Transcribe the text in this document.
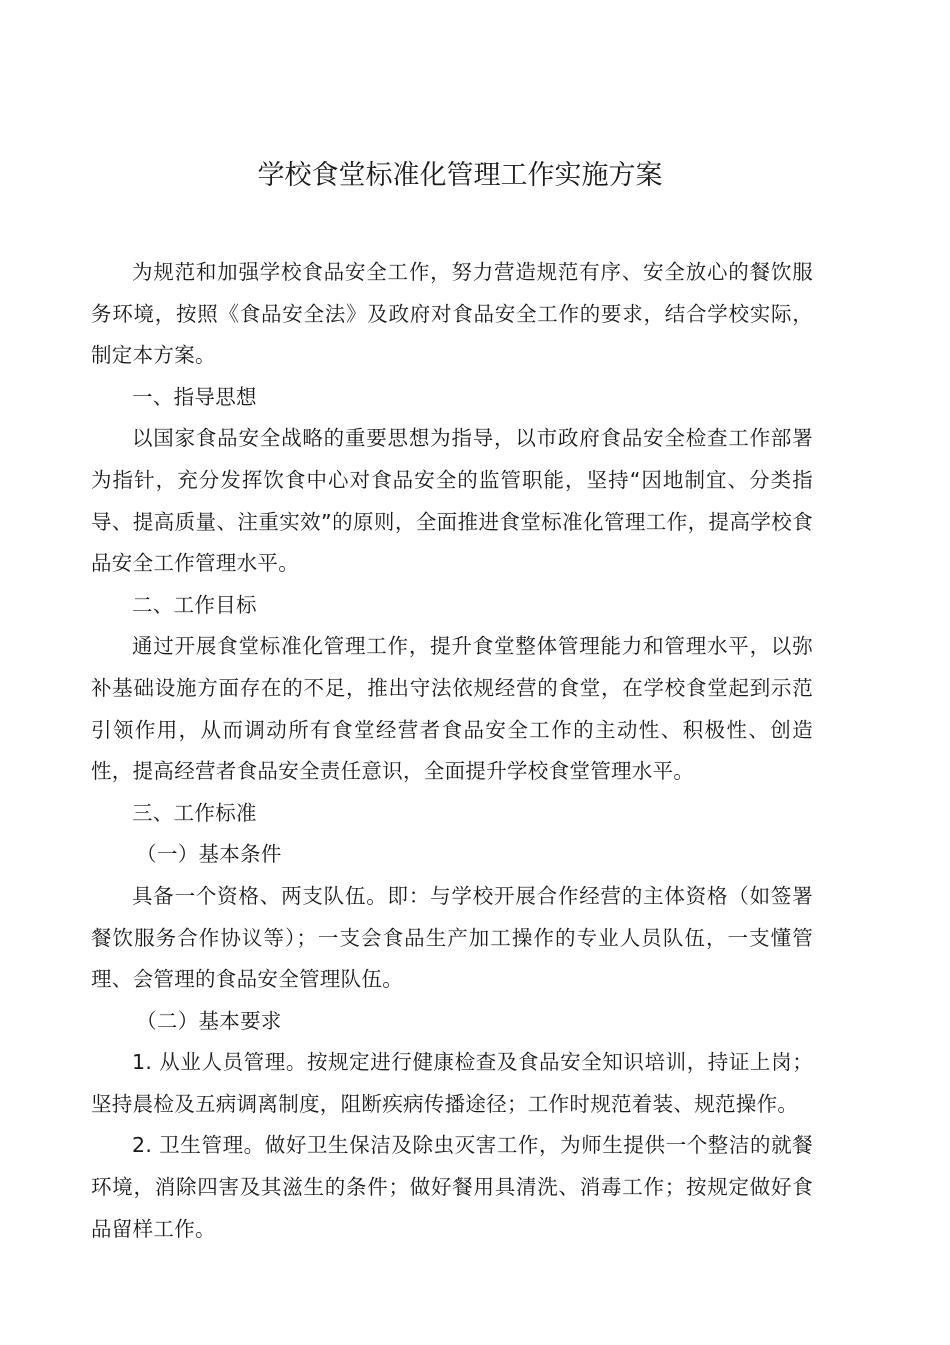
学校食堂标准化管理工作实施方案

为规范和加强学校食品安全工作，努力营造规范有序、安全放心的餐饮服务环境，按照《食品安全法》及政府对食品安全工作的要求，结合学校实际，制定本方案。

一、指导思想

以国家食品安全战略的重要思想为指导，以市政府食品安全检查工作部署为指针，充分发挥饮食中心对食品安全的监管职能，坚持“因地制宜、分类指导、提高质量、注重实效”的原则，全面推进食堂标准化管理工作，提高学校食品安全工作管理水平。

二、工作目标

通过开展食堂标准化管理工作，提升食堂整体管理能力和管理水平，以弥补基础设施方面存在的不足，推出守法依规经营的食堂，在学校食堂起到示范引领作用，从而调动所有食堂经营者食品安全工作的主动性、积极性、创造性，提高经营者食品安全责任意识，全面提升学校食堂管理水平。

三、工作标准

（一）基本条件

具备一个资格、两支队伍。即：与学校开展合作经营的主体资格（如签署餐饮服务合作协议等）；一支会食品生产加工操作的专业人员队伍，一支懂管理、会管理的食品安全管理队伍。

（二）基本要求

1. 从业人员管理。按规定进行健康检查及食品安全知识培训，持证上岗；坚持晨检及五病调离制度，阻断疾病传播途径；工作时规范着装、规范操作。

2. 卫生管理。做好卫生保洁及除虫灭害工作，为师生提供一个整洁的就餐环境，消除四害及其滋生的条件；做好餐用具清洗、消毒工作；按规定做好食品留样工作。
